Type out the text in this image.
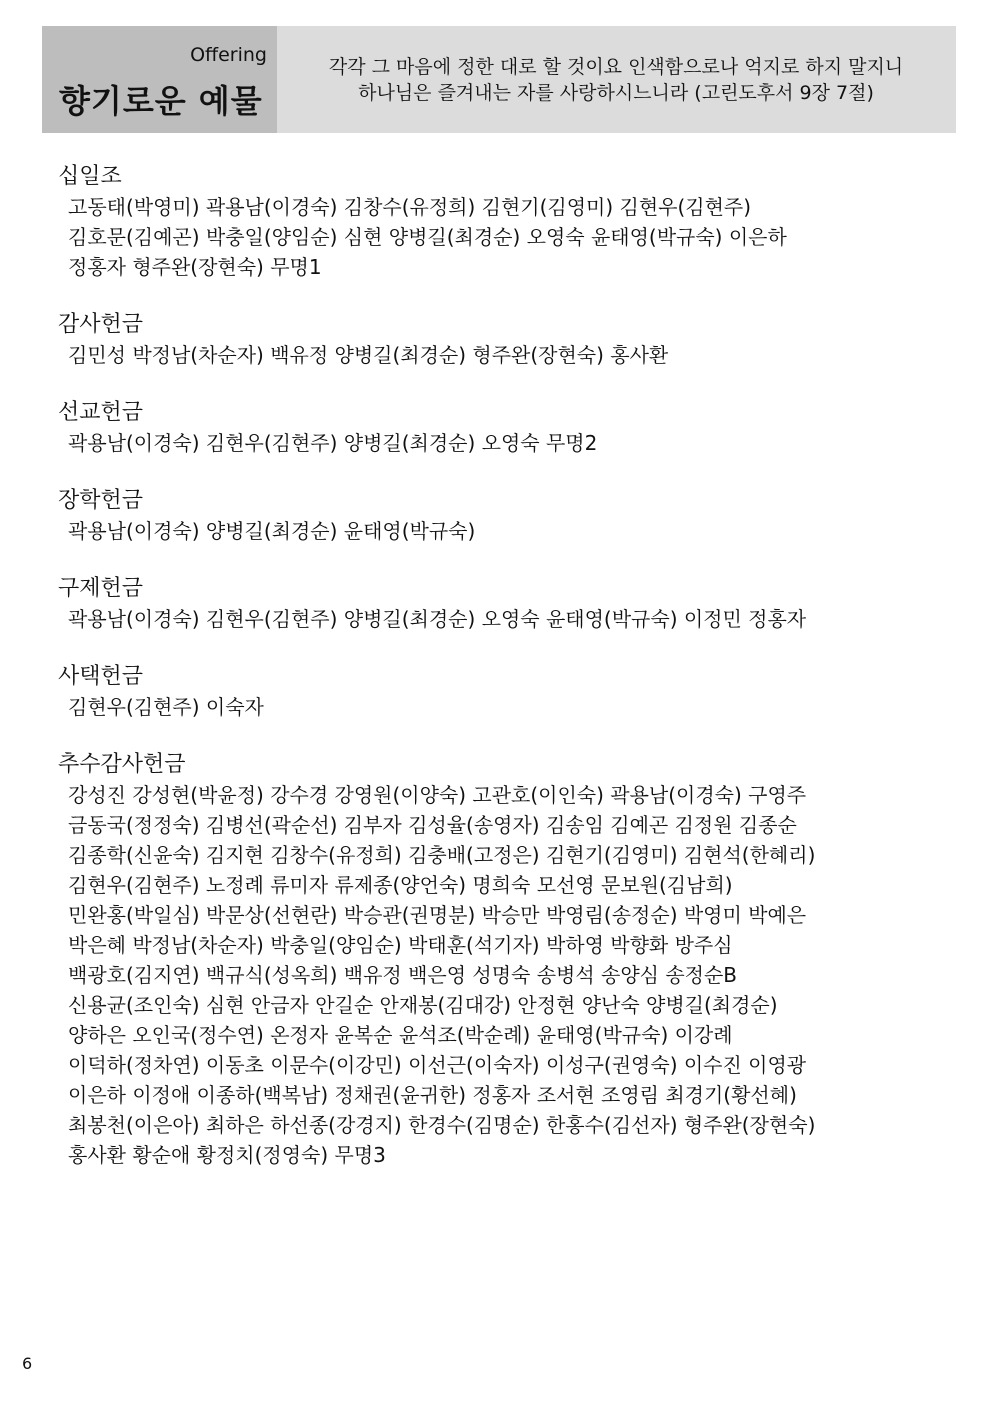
Offering
향기로운 예물
각각 그 마음에 정한 대로 할 것이요 인색함으로나 억지로 하지 말지니
하나님은 즐겨내는 자를 사랑하시느니라 (고린도후서 9장 7절)
십일조
고동태(박영미) 곽용남(이경숙) 김창수(유정희) 김현기(김영미) 김현우(김현주)
김호문(김예곤) 박충일(양임순) 심현 양병길(최경순) 오영숙 윤태영(박규숙) 이은하
정홍자 형주완(장현숙) 무명1
감사헌금
김민성 박정남(차순자) 백유정 양병길(최경순) 형주완(장현숙) 홍사환
선교헌금
곽용남(이경숙) 김현우(김현주) 양병길(최경순) 오영숙 무명2
장학헌금
곽용남(이경숙) 양병길(최경순) 윤태영(박규숙)
구제헌금
곽용남(이경숙) 김현우(김현주) 양병길(최경순) 오영숙 윤태영(박규숙) 이정민 정홍자
사택헌금
김현우(김현주) 이숙자
추수감사헌금
강성진 강성현(박윤정) 강수경 강영원(이양숙) 고관호(이인숙) 곽용남(이경숙) 구영주
금동국(정정숙) 김병선(곽순선) 김부자 김성율(송영자) 김송임 김예곤 김정원 김종순
김종학(신윤숙) 김지현 김창수(유정희) 김충배(고정은) 김현기(김영미) 김현석(한혜리)
김현우(김현주) 노정례 류미자 류제종(양언숙) 명희숙 모선영 문보원(김남희)
민완홍(박일심) 박문상(선현란) 박승관(권명분) 박승만 박영림(송정순) 박영미 박예은
박은혜 박정남(차순자) 박충일(양임순) 박태훈(석기자) 박하영 박향화 방주심
백광호(김지연) 백규식(성옥희) 백유정 백은영 성명숙 송병석 송양심 송정순B
신용균(조인숙) 심현 안금자 안길순 안재봉(김대강) 안정현 양난숙 양병길(최경순)
양하은 오인국(정수연) 온정자 윤복순 윤석조(박순례) 윤태영(박규숙) 이강례
이덕하(정차연) 이동초 이문수(이강민) 이선근(이숙자) 이성구(권영숙) 이수진 이영광
이은하 이정애 이종하(백복남) 정채권(윤귀한) 정홍자 조서현 조영림 최경기(황선혜)
최봉천(이은아) 최하은 하선종(강경지) 한경수(김명순) 한홍수(김선자) 형주완(장현숙)
홍사환 황순애 황정치(정영숙) 무명3
6
